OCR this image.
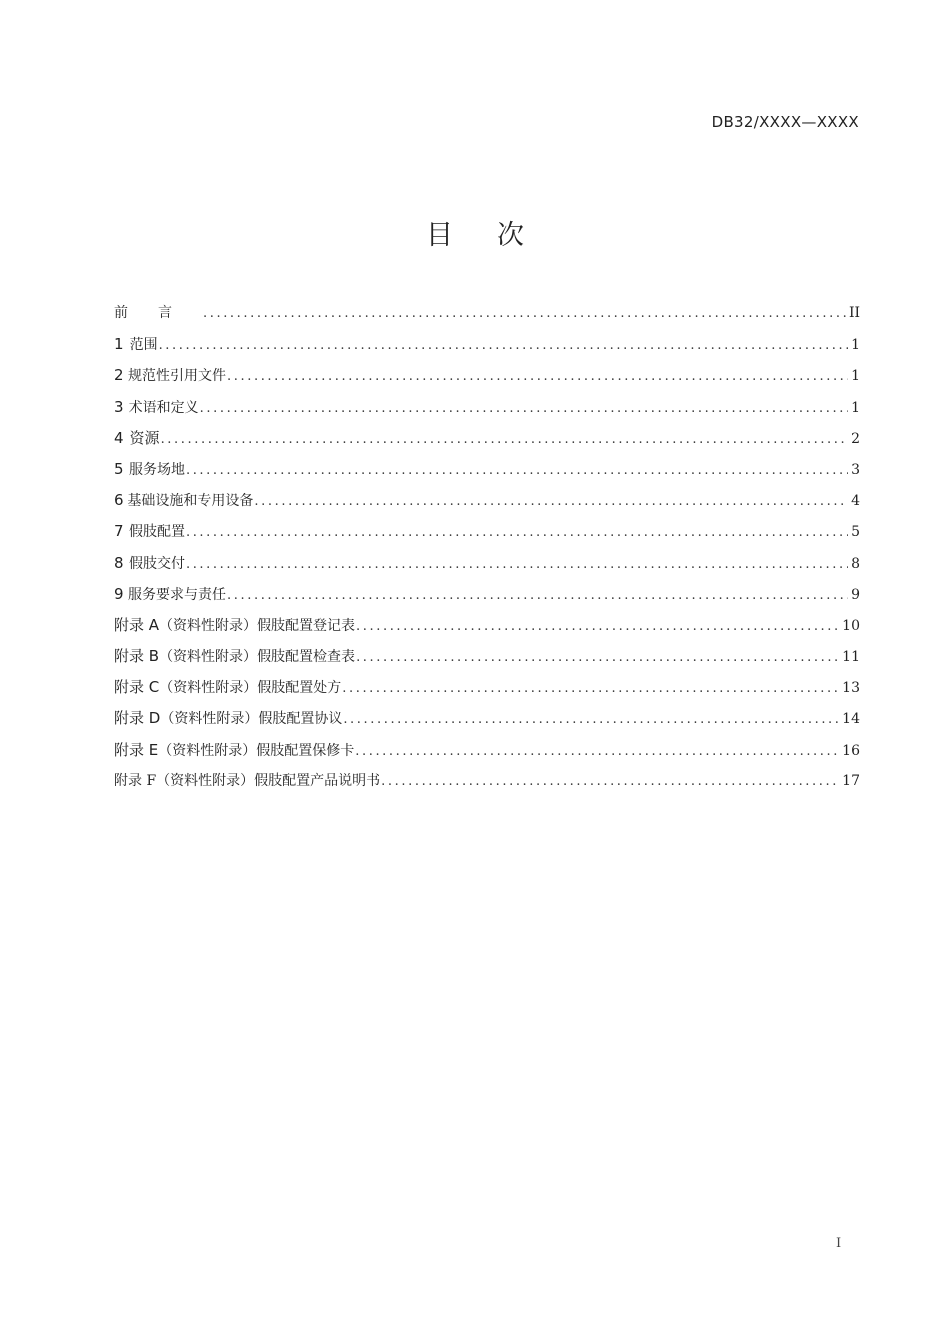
DB32/XXXX—XXXX
目 次
前言 .....	II
1 范围 .....	1
2 规范性引用文件 .....	1
3 术语和定义 .....	1
4 资源 .....	2
5 服务场地 .....	3
6 基础设施和专用设备 .....	4
7 假肢配置 .....	5
8 假肢交付 .....	8
9 服务要求与责任 .....	9
附录 A （资料性附录） 假肢配置登记表 .....	10
附录 B （资料性附录） 假肢配置检查表 .....	11
附录 C （资料性附录） 假肢配置处方 .....	13
附录 D （资料性附录） 假肢配置协议 .....	14
附录 E （资料性附录） 假肢配置保修卡 .....	16
附录 F （资料性附录） 假肢配置产品说明书 .....	17
I
